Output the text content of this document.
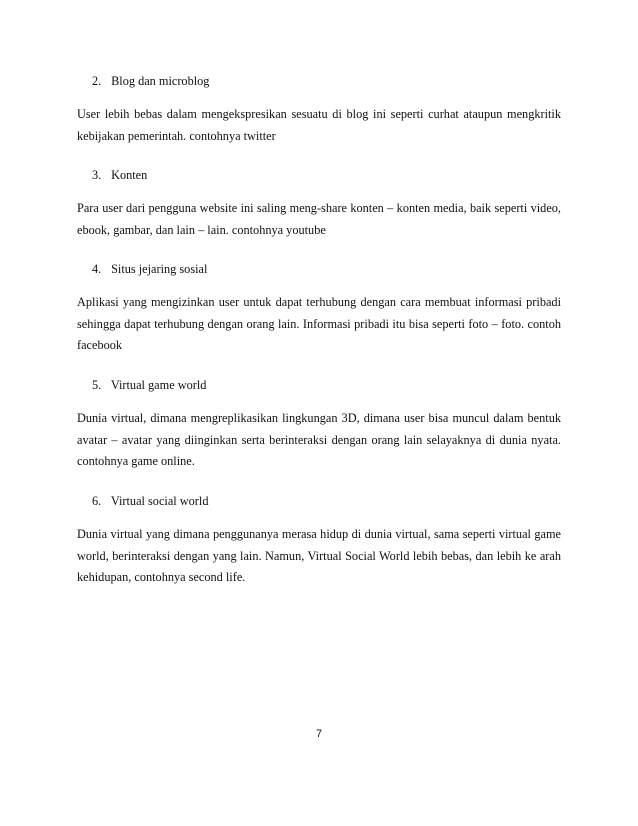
2. Blog dan microblog

User lebih bebas dalam mengekspresikan sesuatu di blog ini seperti curhat ataupun mengkritik kebijakan pemerintah. contohnya twitter

3. Konten

Para user dari pengguna website ini saling meng-share konten – konten media, baik seperti video, ebook, gambar, dan lain – lain. contohnya youtube

4. Situs jejaring sosial

Aplikasi yang mengizinkan user untuk dapat terhubung dengan cara membuat informasi pribadi sehingga dapat terhubung dengan orang lain. Informasi pribadi itu bisa seperti foto – foto. contoh facebook

5. Virtual game world

Dunia virtual, dimana mengreplikasikan lingkungan 3D, dimana user bisa muncul dalam bentuk avatar – avatar yang diinginkan serta berinteraksi dengan orang lain selayaknya di dunia nyata. contohnya game online.

6. Virtual social world

Dunia virtual yang dimana penggunanya merasa hidup di dunia virtual, sama seperti virtual game world, berinteraksi dengan yang lain. Namun, Virtual Social World lebih bebas, dan lebih ke arah kehidupan, contohnya second life.

7
